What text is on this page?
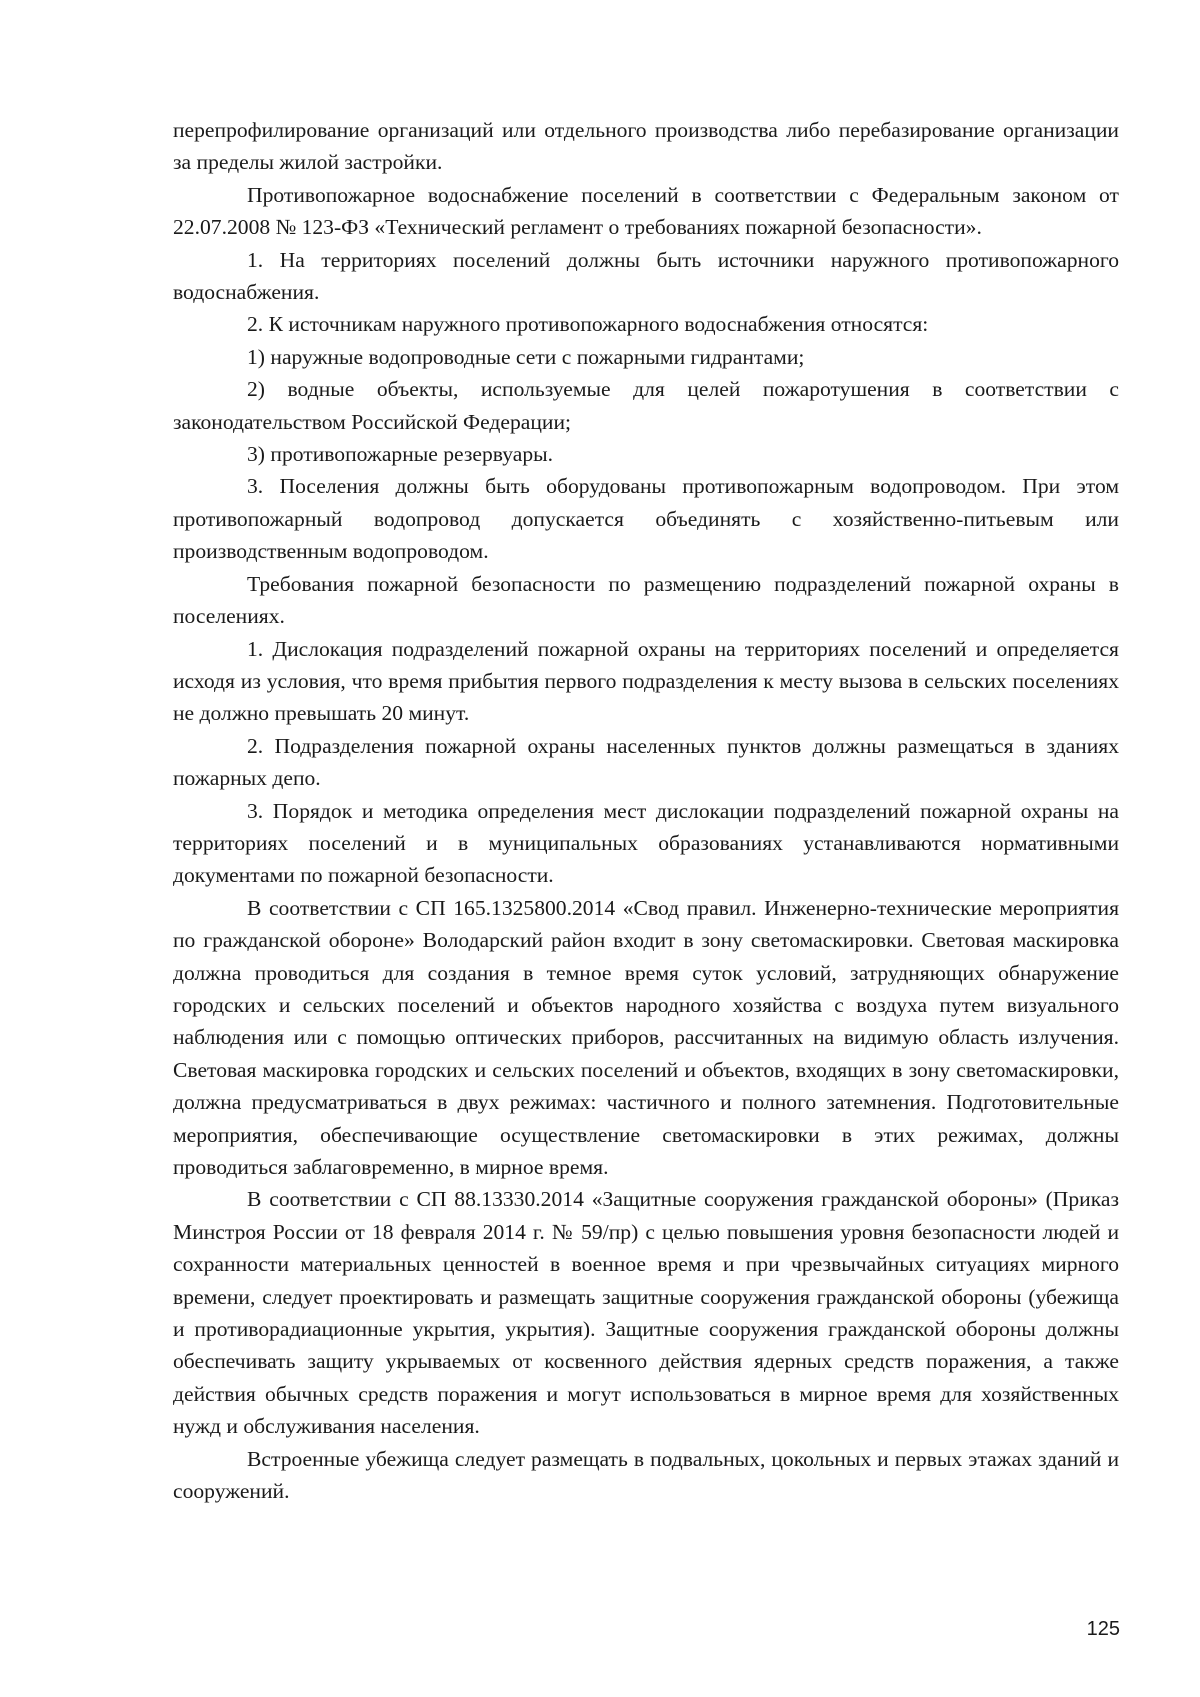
перепрофилирование организаций или отдельного производства либо перебазирование организации за пределы жилой застройки.

Противопожарное водоснабжение поселений в соответствии с Федеральным законом от 22.07.2008 № 123-ФЗ «Технический регламент о требованиях пожарной безопасности».

1. На территориях поселений должны быть источники наружного противопожарного водоснабжения.

2. К источникам наружного противопожарного водоснабжения относятся:

1) наружные водопроводные сети с пожарными гидрантами;

2) водные объекты, используемые для целей пожаротушения в соответствии с законодательством Российской Федерации;

3) противопожарные резервуары.

3. Поселения должны быть оборудованы противопожарным водопроводом. При этом противопожарный водопровод допускается объединять с хозяйственно-питьевым или производственным водопроводом.

Требования пожарной безопасности по размещению подразделений пожарной охраны в поселениях.

1. Дислокация подразделений пожарной охраны на территориях поселений и определяется исходя из условия, что время прибытия первого подразделения к месту вызова в сельских поселениях не должно превышать 20 минут.

2. Подразделения пожарной охраны населенных пунктов должны размещаться в зданиях пожарных депо.

3. Порядок и методика определения мест дислокации подразделений пожарной охраны на территориях поселений и в муниципальных образованиях устанавливаются нормативными документами по пожарной безопасности.

В соответствии с СП 165.1325800.2014 «Свод правил. Инженерно-технические мероприятия по гражданской обороне» Володарский район входит в зону светомаскировки. Световая маскировка должна проводиться для создания в темное время суток условий, затрудняющих обнаружение городских и сельских поселений и объектов народного хозяйства с воздуха путем визуального наблюдения или с помощью оптических приборов, рассчитанных на видимую область излучения. Световая маскировка городских и сельских поселений и объектов, входящих в зону светомаскировки, должна предусматриваться в двух режимах: частичного и полного затемнения. Подготовительные мероприятия, обеспечивающие осуществление светомаскировки в этих режимах, должны проводиться заблаговременно, в мирное время.

В соответствии с СП 88.13330.2014 «Защитные сооружения гражданской обороны» (Приказ Минстроя России от 18 февраля 2014 г. № 59/пр) с целью повышения уровня безопасности людей и сохранности материальных ценностей в военное время и при чрезвычайных ситуациях мирного времени, следует проектировать и размещать защитные сооружения гражданской обороны (убежища и противорадиационные укрытия, укрытия). Защитные сооружения гражданской обороны должны обеспечивать защиту укрываемых от косвенного действия ядерных средств поражения, а также действия обычных средств поражения и могут использоваться в мирное время для хозяйственных нужд и обслуживания населения.

Встроенные убежища следует размещать в подвальных, цокольных и первых этажах зданий и сооружений.

125
